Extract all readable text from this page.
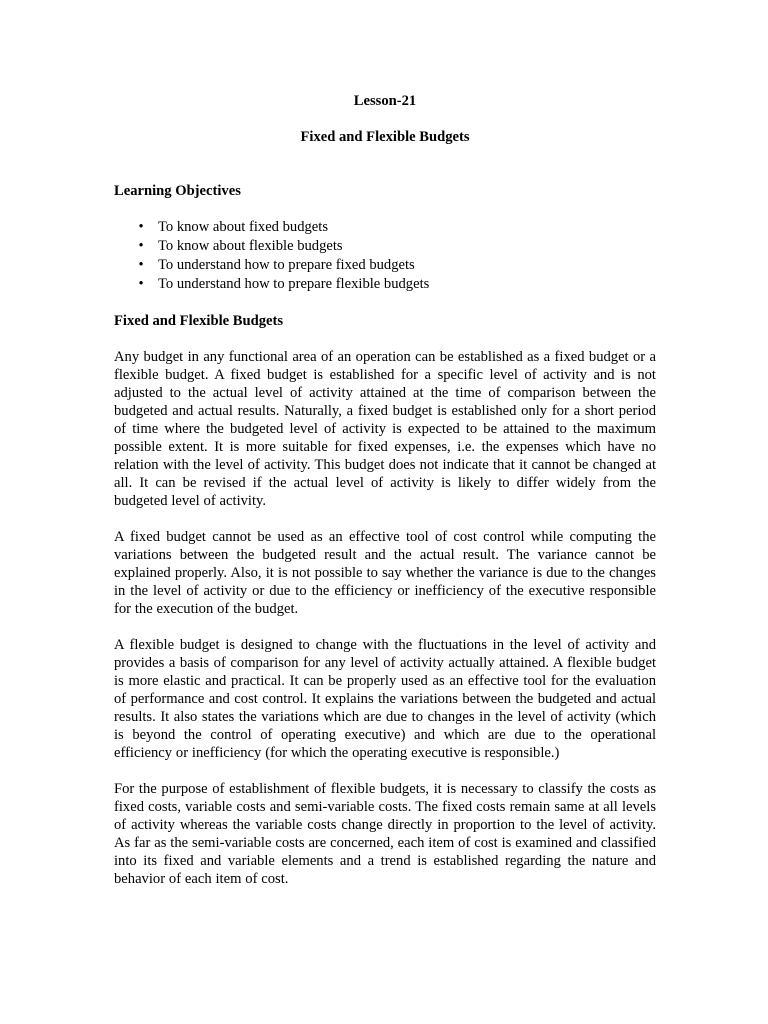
Lesson-21
Fixed and Flexible Budgets
Learning Objectives
• To know about fixed budgets
• To know about flexible budgets
• To understand how to prepare fixed budgets
• To understand how to prepare flexible budgets
Fixed and Flexible Budgets

Any budget in any functional area of an operation can be established as a fixed budget or a flexible budget. A fixed budget is established for a specific level of activity and is not adjusted to the actual level of activity attained at the time of comparison between the budgeted and actual results. Naturally, a fixed budget is established only for a short period of time where the budgeted level of activity is expected to be attained to the maximum possible extent. It is more suitable for fixed expenses, i.e. the expenses which have no relation with the level of activity. This budget does not indicate that it cannot be changed at all. It can be revised if the actual level of activity is likely to differ widely from the budgeted level of activity.

A fixed budget cannot be used as an effective tool of cost control while computing the variations between the budgeted result and the actual result. The variance cannot be explained properly. Also, it is not possible to say whether the variance is due to the changes in the level of activity or due to the efficiency or inefficiency of the executive responsible for the execution of the budget.

A flexible budget is designed to change with the fluctuations in the level of activity and provides a basis of comparison for any level of activity actually attained. A flexible budget is more elastic and practical. It can be properly used as an effective tool for the evaluation of performance and cost control. It explains the variations between the budgeted and actual results. It also states the variations which are due to changes in the level of activity (which is beyond the control of operating executive) and which are due to the operational efficiency or inefficiency (for which the operating executive is responsible.)

For the purpose of establishment of flexible budgets, it is necessary to classify the costs as fixed costs, variable costs and semi-variable costs. The fixed costs remain same at all levels of activity whereas the variable costs change directly in proportion to the level of activity. As far as the semi-variable costs are concerned, each item of cost is examined and classified into its fixed and variable elements and a trend is established regarding the nature and behavior of each item of cost.
